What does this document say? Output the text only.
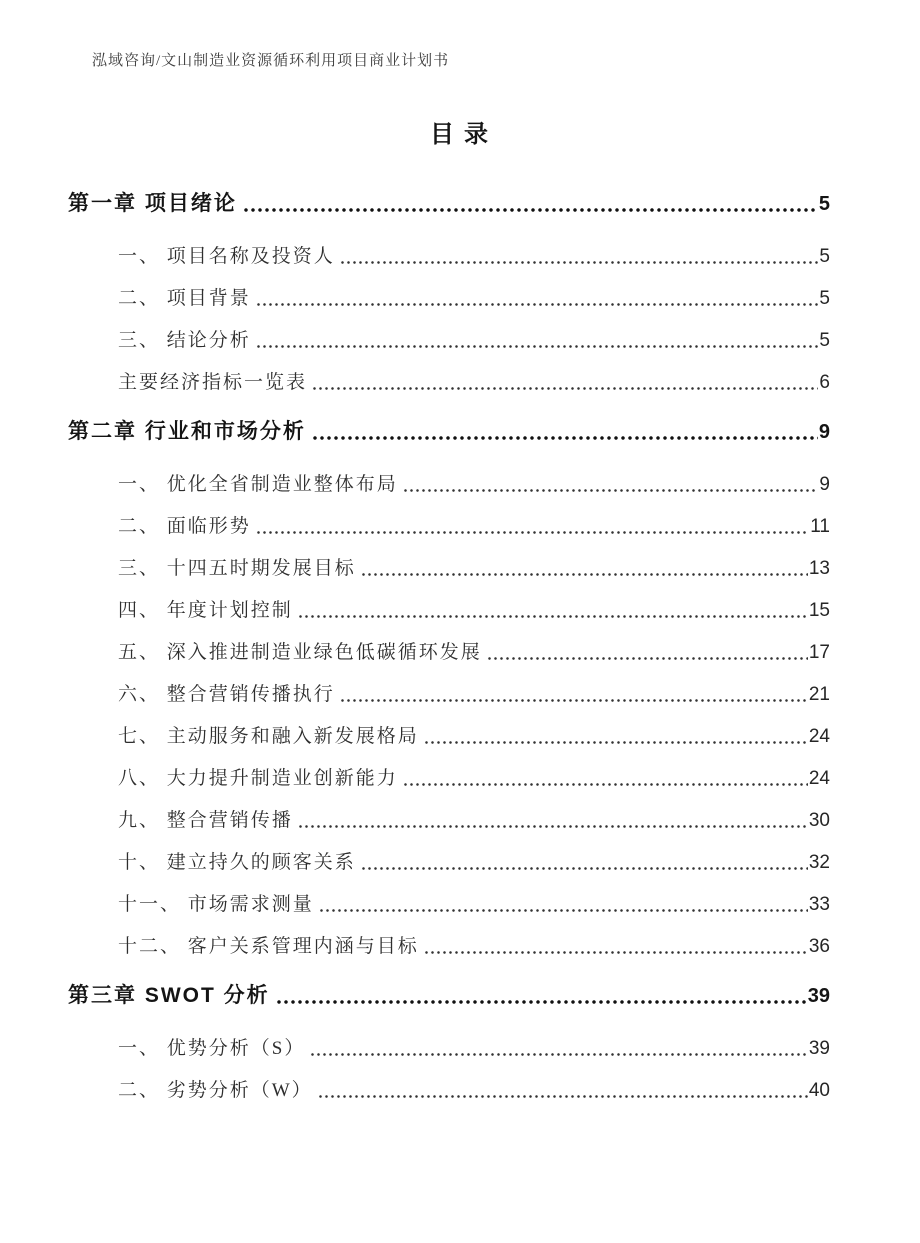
泓域咨询/文山制造业资源循环利用项目商业计划书
目 录
第一章 项目绪论	5
一、 项目名称及投资人	5
二、 项目背景	5
三、 结论分析	5
主要经济指标一览表	6
第二章 行业和市场分析	9
一、 优化全省制造业整体布局	9
二、 面临形势	11
三、 十四五时期发展目标	13
四、 年度计划控制	15
五、 深入推进制造业绿色低碳循环发展	17
六、 整合营销传播执行	21
七、 主动服务和融入新发展格局	24
八、 大力提升制造业创新能力	24
九、 整合营销传播	30
十、 建立持久的顾客关系	32
十一、 市场需求测量	33
十二、 客户关系管理内涵与目标	36
第三章 SWOT 分析	39
一、 优势分析（S）	39
二、 劣势分析（W）	40
